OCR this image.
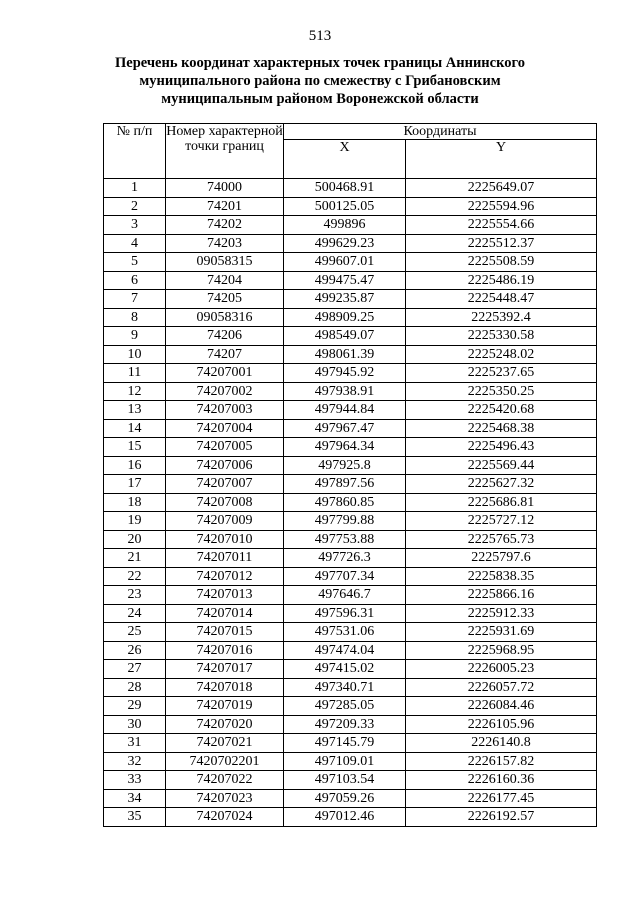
513
Перечень координат характерных точек границы Аннинского
муниципального района по смежеству с Грибановским
муниципальным районом Воронежской области
№ п/п	Номер характерной точки границ	Координаты	
		X	Y
1	74000	500468.91	2225649.07
2	74201	500125.05	2225594.96
3	74202	499896	2225554.66
4	74203	499629.23	2225512.37
5	09058315	499607.01	2225508.59
6	74204	499475.47	2225486.19
7	74205	499235.87	2225448.47
8	09058316	498909.25	2225392.4
9	74206	498549.07	2225330.58
10	74207	498061.39	2225248.02
11	74207001	497945.92	2225237.65
12	74207002	497938.91	2225350.25
13	74207003	497944.84	2225420.68
14	74207004	497967.47	2225468.38
15	74207005	497964.34	2225496.43
16	74207006	497925.8	2225569.44
17	74207007	497897.56	2225627.32
18	74207008	497860.85	2225686.81
19	74207009	497799.88	2225727.12
20	74207010	497753.88	2225765.73
21	74207011	497726.3	2225797.6
22	74207012	497707.34	2225838.35
23	74207013	497646.7	2225866.16
24	74207014	497596.31	2225912.33
25	74207015	497531.06	2225931.69
26	74207016	497474.04	2225968.95
27	74207017	497415.02	2226005.23
28	74207018	497340.71	2226057.72
29	74207019	497285.05	2226084.46
30	74207020	497209.33	2226105.96
31	74207021	497145.79	2226140.8
32	7420702201	497109.01	2226157.82
33	74207022	497103.54	2226160.36
34	74207023	497059.26	2226177.45
35	74207024	497012.46	2226192.57
